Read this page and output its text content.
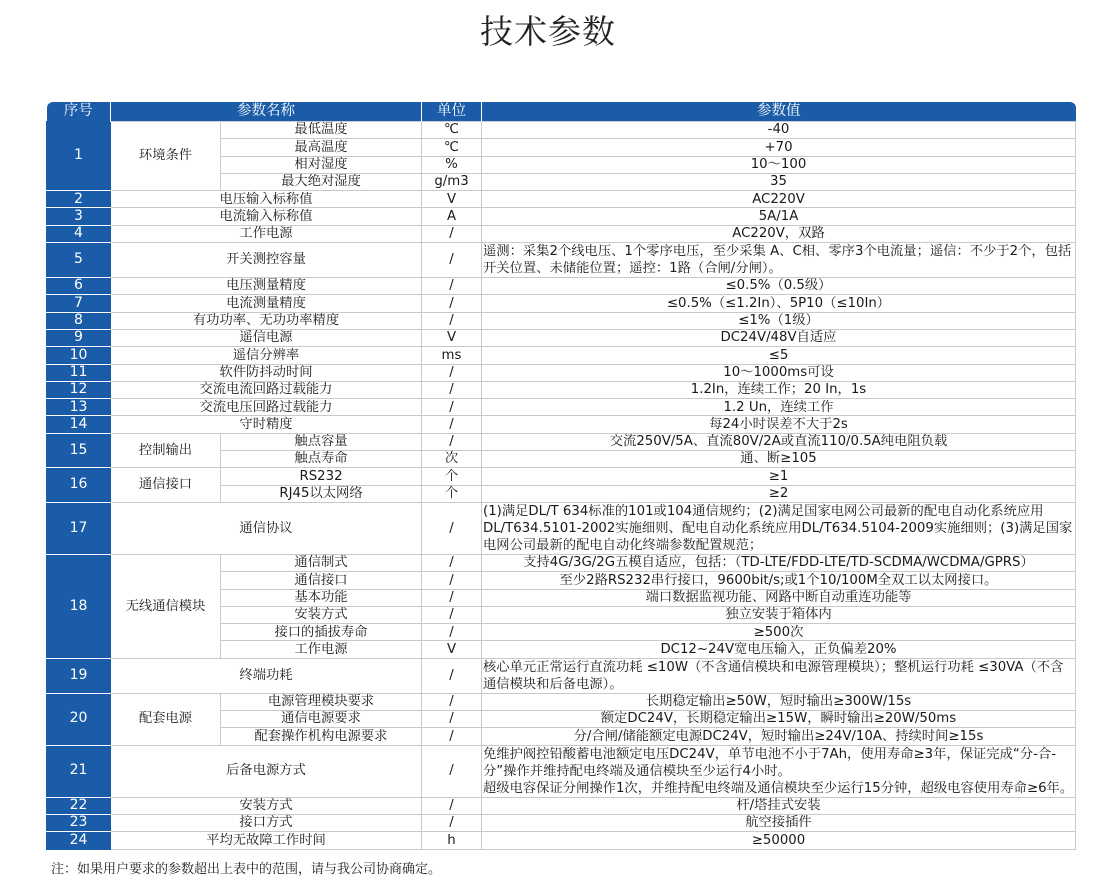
技术参数
序号	参数名称		单位	参数值
1	环境条件	最低温度	℃	-40
		最高温度	℃	+70
		相对湿度	%	10～100
		最大绝对湿度	g/m3	35
2	电压输入标称值		V	AC220V
3	电流输入标称值		A	5A/1A
4	工作电源		/	AC220V，双路
5	开关测控容量		/	遥测：采集2个线电压、1个零序电压，至少采集 A、C相、零序3个电流量；遥信：不少于2个，包括开关位置、未储能位置；遥控：1路（合闸/分闸）。
6	电压测量精度		/	≤0.5%（0.5级）
7	电流测量精度		/	≤0.5%（≤1.2In）、5P10（≤10In）
8	有功功率、无功功率精度		/	≤1%（1级）
9	遥信电源		V	DC24V/48V自适应
10	遥信分辨率		ms	≤5
11	软件防抖动时间		/	10～1000ms可设
12	交流电流回路过载能力		/	1.2In，连续工作；20 In，1s
13	交流电压回路过载能力		/	1.2 Un，连续工作
14	守时精度		/	每24小时误差不大于2s
15	控制输出	触点容量	/	交流250V/5A、直流80V/2A或直流110/0.5A纯电阻负载
		触点寿命	次	通、断≥105
16	通信接口	RS232	个	≥1
		RJ45以太网络	个	≥2
17	通信协议		/	(1)满足DL/T 634标准的101或104通信规约；(2)满足国家电网公司最新的配电自动化系统应用DL/T634.5101-2002实施细则、配电自动化系统应用DL/T634.5104-2009实施细则；(3)满足国家电网公司最新的配电自动化终端参数配置规范；
18	无线通信模块	通信制式	/	支持4G/3G/2G五模自适应，包括：（TD-LTE/FDD-LTE/TD-SCDMA/WCDMA/GPRS）
		通信接口	/	至少2路RS232串行接口，9600bit/s;或1个10/100M全双工以太网接口。
		基本功能	/	端口数据监视功能、网路中断自动重连功能等
		安装方式	/	独立安装于箱体内
		接口的插拔寿命	/	≥500次
		工作电源	V	DC12~24V宽电压输入，正负偏差20%
19	终端功耗		/	核心单元正常运行直流功耗 ≤10W（不含通信模块和电源管理模块）；整机运行功耗 ≤30VA（不含通信模块和后备电源）。
20	配套电源	电源管理模块要求	/	长期稳定输出≥50W，短时输出≥300W/15s
		通信电源要求	/	额定DC24V，长期稳定输出≥15W，瞬时输出≥20W/50ms
		配套操作机构电源要求	/	分/合闸/储能额定电源DC24V，短时输出≥24V/10A、持续时间≥15s
21	后备电源方式		/	免维护阀控铅酸蓄电池额定电压DC24V，单节电池不小于7Ah，使用寿命≥3年，保证完成“分-合-分”操作并维持配电终端及通信模块至少运行4小时。

超级电容保证分闸操作1次，并维持配电终端及通信模块至少运行15分钟，超级电容使用寿命≥6年。

22	安装方式		/	杆/塔挂式安装
23	接口方式		/	航空接插件
24	平均无故障工作时间		h	≥50000
注：如果用户要求的参数超出上表中的范围，请与我公司协商确定。
